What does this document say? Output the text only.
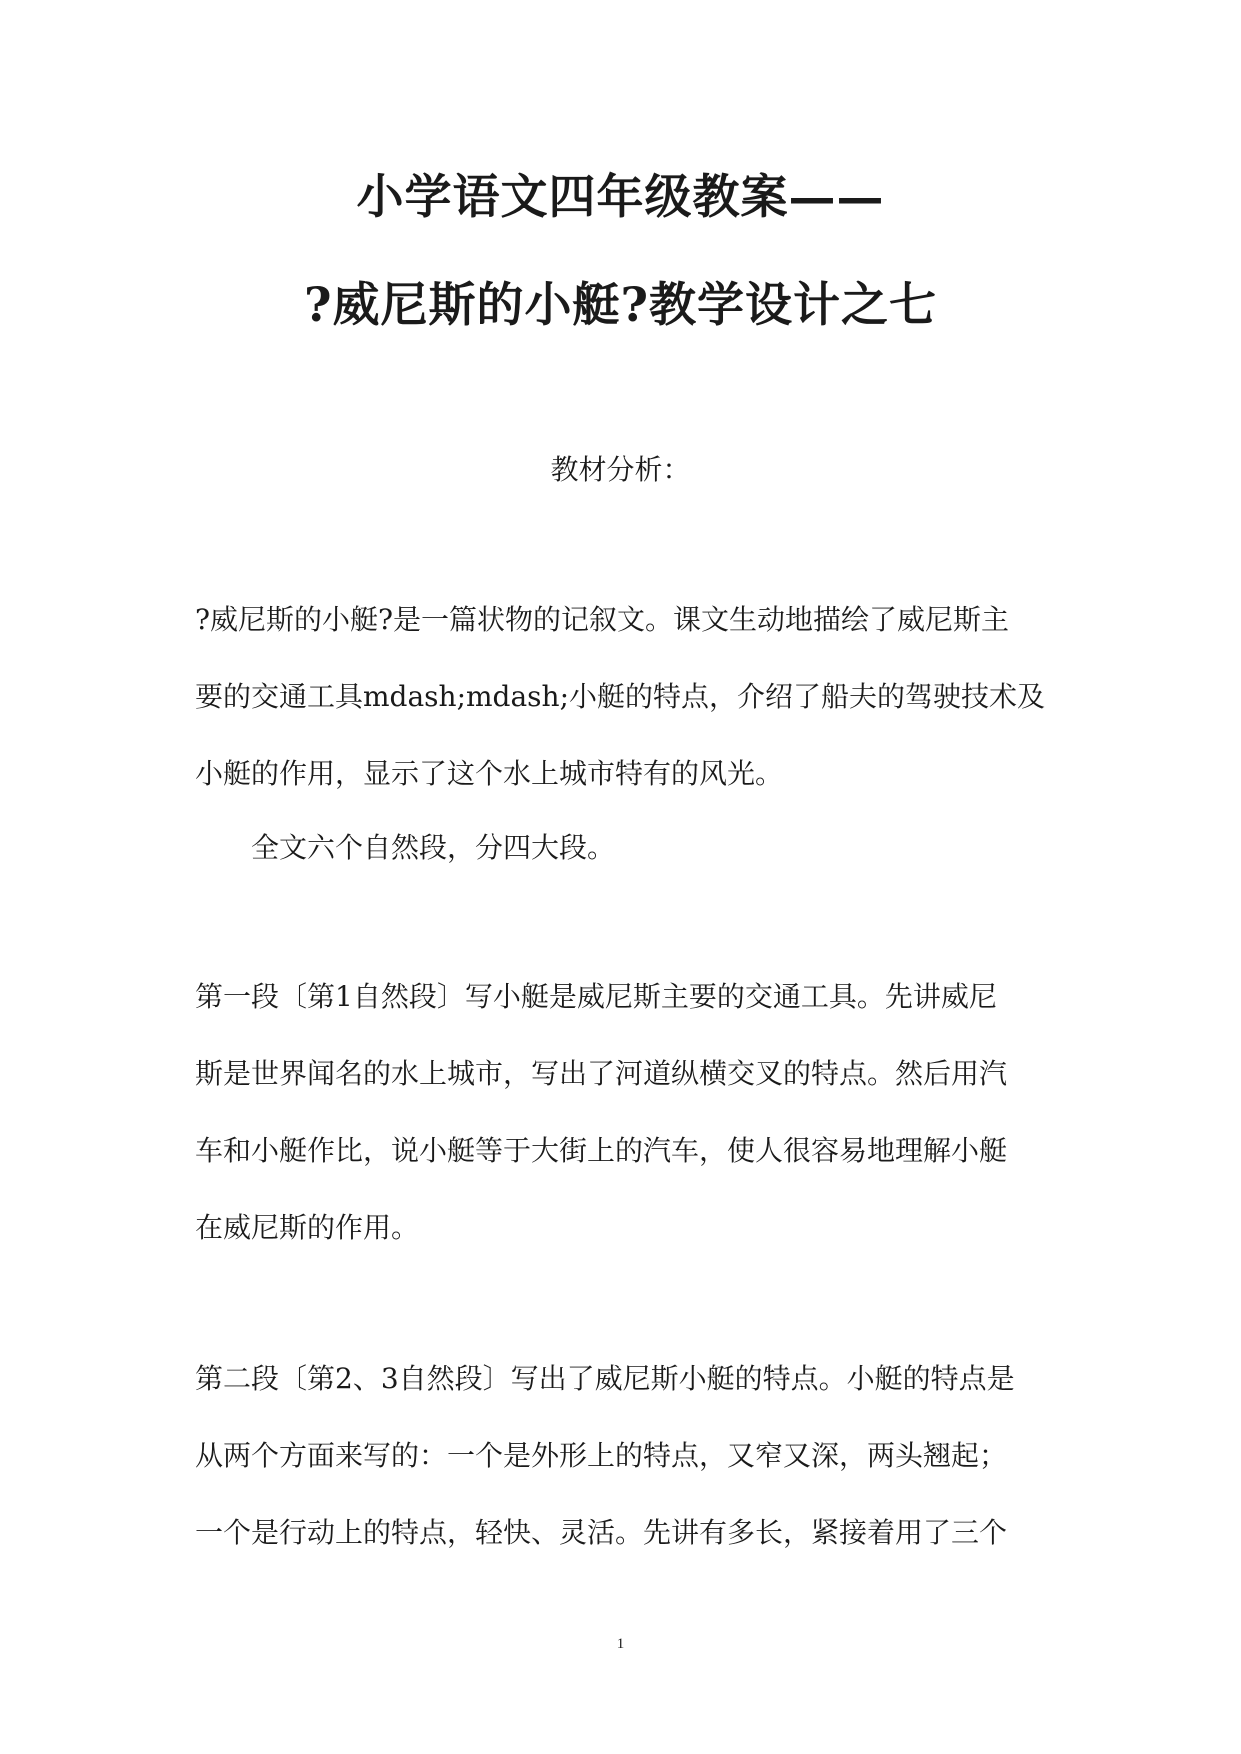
小学语文四年级教案——
?威尼斯的小艇?教学设计之七
教材分析：
?威尼斯的小艇?是一篇状物的记叙文。课文生动地描绘了威尼斯主
要的交通工具mdash;mdash;小艇的特点，介绍了船夫的驾驶技术及
小艇的作用，显示了这个水上城市特有的风光。
全文六个自然段，分四大段。
第一段〔第1自然段〕写小艇是威尼斯主要的交通工具。先讲威尼
斯是世界闻名的水上城市，写出了河道纵横交叉的特点。然后用汽
车和小艇作比，说小艇等于大街上的汽车，使人很容易地理解小艇
在威尼斯的作用。
第二段〔第2、3自然段〕写出了威尼斯小艇的特点。小艇的特点是
从两个方面来写的：一个是外形上的特点，又窄又深，两头翘起；
一个是行动上的特点，轻快、灵活。先讲有多长，紧接着用了三个
1
